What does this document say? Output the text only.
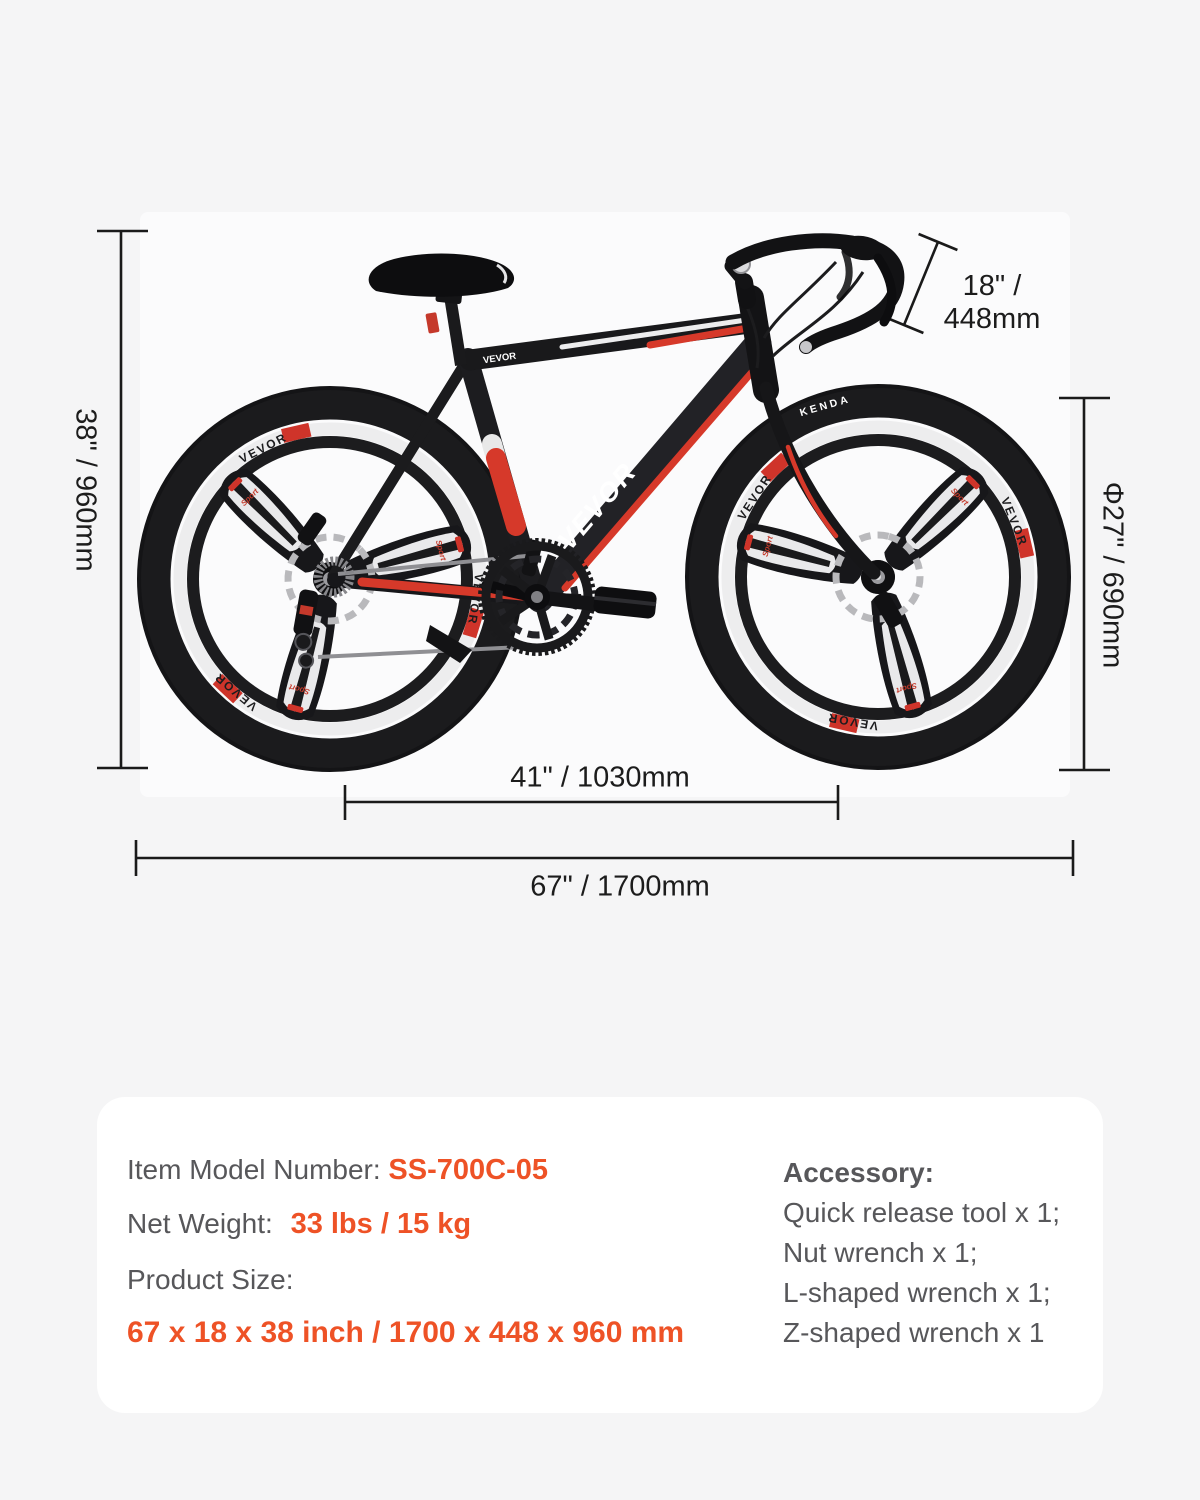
VEVOR
VEVOR
VEVOR
KENDA
38" / 960mm
18" /
448mm
Φ27" / 690mm
41" / 1030mm
67" / 1700mm
Item Model Number: SS-700C-05
Net Weight: 33 lbs / 15 kg
Product Size:
67 x 18 x 38 inch / 1700 x 448 x 960 mm
Accessory:
Quick release tool x 1;
Nut wrench x 1;
L-shaped wrench x 1;
Z-shaped wrench x 1
